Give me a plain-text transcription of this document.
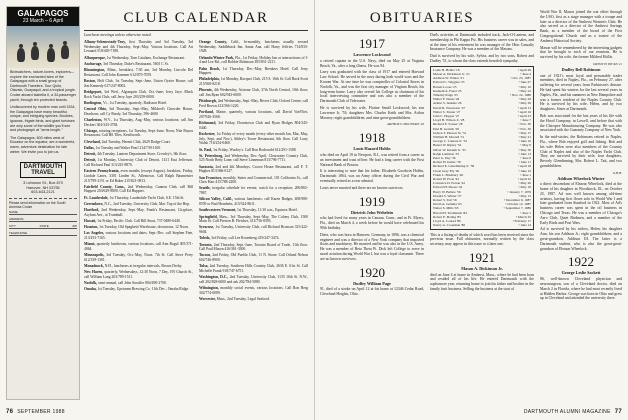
GALAPAGOS
23 March – 6 April

Birdwatchers, nature-lovers, explorers—explore the enchanted isles of the Galapagos with a small group of Dartmouth Travelers. Tour Quito, Otavalo, Guayaquil, and a tropical jungle. Cruise aboard Isabella II, a 34-passenger yacht, through ten protected islands.

Undiscovered by modern man until 1534, the Galapagos have many beautiful, unique, and intriguing species. Boobies, iguanas, frigate birds, and giant tortoises are only some of the wildlife you'll see and photograph at "arms length."

The Galapagos, 600 miles west of Ecuador on the equator, are a wonderful, warm, adventure destination for late winter. We invite you to join us.

DARTMOUTH
TRAVEL
3 Lebanon St., Box 870
Hanover, NH 03755
603-643-2121
Please send information on the South America Cruise
NAME
ADDRESS
CITY	STATE	ZIP
TELEPHONE
CLUB CALENDAR
Luncheon meetings unless otherwise noted.

Albany-Schenectady-Troy, first Thursday and 3rd Tuesday, 3rd Wednesday and 4th Thursday, Sept.-May. Various locations. Call Art Leonard 518/449-7188.

Albuquerque, 1st Wednesday, Tom Catalano, Exchange Restaurant.

Anchorage, 3rd Thursday, Duke's Restaurant, 5601 C St.

Bloomington, Minn., breakfast, 7:30 am, 3rd Monday, Lincoln Del Restaurant. Call John Kammer 612/870-7059.

Boston, Holt Club, 1st Tuesday, Sept.-June, Union Oyster House; call Jim Kennedy 617/247-8002.

Bridgeport, 3rd Wed., Algonquin Club, Oct.-June; Jerry Jaye, Black Rock Yacht Club; call Jerry Jaye 203/259-0000.

Burlington, Vt., 1st Tuesday, quarterly, Radisson Hotel.

Central Ohio, 3rd Thursday, Sept.-May, Mildred's Chowder House, Dearborn; call Cy Burdy, 3rd Thursday, 596-4600.

Charleston, W.V., 1st Thursday, Aug.-May, various locations; call Jim Deckert 304/343-3784.

Chicago, rotating receptions, 1st Tuesday, Sept.-June, Noon, Nite Bayou Restaurant. Call Hil Tiles, Kenilworth.

Cleveland, 2nd Tuesday, Hermit Club, 2629 Dodge Court.

Dallas, 1st Tuesday and Walter Pearl 214/739-1100.

Detroit, 4th Tuesday, Lantern Department Store, Crowley's, 9th floor.

Detroit, 1st Monday, University Club of Detroit, 1411 East Jefferson. Call Richard Paul 313/225-8876.

Eastern Pennsylvania, even months (except August), breakfast, Friday, Lindale Lanes, 3301 Linden St., Allentown. Call Ralph Baumeister 215/799-2151 or Ed Baker 215/821-0813.

Fairfield County, Conn., 2nd Wednesday, Cannon Club, call Bill Huppert 203/629-8800. Call Ed Huppert.

Ft. Lauderdale, 1st Thursday, Lauderdale Yacht Club, S.E. 15th St.

Greensboro, N.C., 2nd Tuesday, University Club, Mar. Top of the Hop.

Hartford, 2nd Wednesday, Sept.-May, Frank's Restaurant, Cityplace, Asylum Ave., at Trumbull.

Hawaii, 1st Friday, Pacific Club. Call Bill Stout, 737-0480-6440.

Houston, 1st Tuesday, Old Spaghetti Warehouse, downtown, 12 Noon.

Los Angeles, various locations and dates, Sept.-Dec. call Stephen Fine, 213/253-7165.

Miami, quarterly luncheons, various locations, call Ann Rogul 305/371-4064.

Minneapolis, 3rd Tuesday, Oct.-May, Noon. 7th St. Call Steve Perry 612/339-1301.

Monadnock, N.H., luncheons at irregular intervals, Brown Derby.

New Haven, quarterly, Wednesdays, 12:30 Noon, 7 Day, 195 Church St., call William Lang 203/789-1511.

Norfolk, semi-annual, call John Stouffer 804/490-2700.

Omaha, 1st Tuesday, Upstream Brewing Co. 11th Dec., Omaha Ridge.

Orange County, Calif., bi-monthly, luncheons usually second Wednesday, Saddleback Inn, Santa Ana, call Harry Jeffries 714/833-1928.

Orlando/Winter Park, Fla., 1st Friday, Holiday Inn at intersections of I-4 and Lee Rd., call Robbie Robinson 305/831-2211.

Palm Beach, 1st Thursday, Dec.-May, Breakers Hotel. Call Jerry Huppert.

Philadelphia, 1st Monday, Racquet Club, 215 S. 16th St. Call Buck Scott 215/568-8218.

Phoenix, 4th Wednesday, Arizona Club, 37th North Central, 10th floor; call Jim Ryan 602/943-6000.

Pittsburgh, 2nd Wednesday, Sept.-May, Rivers Club, Oxford Centre; call Fred Brown 412/566-1220.

Portland, Maine, quarterly, various locations, call David VanVliet, 207/926-3568.

Richmond, 3rd Friday, Downtown Club and Ryan Hodges 804/343-0440.

Rochester, 1st Friday of every month (every other month Jan, Mar, May, July, Sept, and Nov.), Sibley's Tower Restaurant, 6th floor. Call Larry Walsh 716/254-0460.

St. Paul, 1st Friday, Wooley's. Call Ron Rodewald 612/291-1588.

St. Petersburg, 2nd Wednesday, Dec.-April, Clearwater Country Club, 525 North Betty Lane; call Steve Linneman 813/796-7711.

Sarasota, 2nd and 4th Mondays, Crown House Restaurant, call F. T. Hughes 813/366-6127.

San Francisco, monthly, Sutter and Commercial, 101 California St., call Chris Hart 415/788-2200.

Seattle, irregular schedule for events; watch for a reception; 206/865-7867.

Silicon Valley, Calif., various luncheons; call Karen Badger, 408/980-8559 or Bud Hornbein, 415/324-8611.

Southwestern Vermont, 1st Thursday, 11:30 a.m., Equinox Hotel.

Springfield, Mass., 3rd Thursday, Sept.-May, The Colony Club, 1500 Main St. Call Preston B. Fletcher, 413/736-8393.

Syracuse, 1st Tuesday, University Club, call Richard Bronson 315/422-9604.

Toledo, 3rd Friday, call Lee Rosenberg 419/247-3474.

Toronto, 2nd Thursday, Sept.-June, Toronto Board of Trade, 11th floor. Call Paul Mason 416/361-3300.

Tucson, 2nd Friday, Old Pueblo Club, 11 N. Stone. Call Orland Nelson 602/746-8900.

Tulsa, 2nd Tuesday, Southern Hills Country Club, 2636 E. 61st St. Call Michelle Frank 918/747-6751.

Washington, D.C., 2nd Tuesday, University Club, 1135 16th St. N.W., call 202/828-6000 and ask 202/784-5880.

Wilmington, monthly social events, various locations. Call Ron Berg 302/774-0089.

Worcester, Mass., 2nd Tuesday, Legal Seafood.

76 SEPTEMBER 1988
OBITUARIES
1917
Lawrence Lockwood

a retired captain in the U.S. Navy, died on May 25 at Virginia Beach, Va., after a long illness. He was 94.

Larry was graduated with the class of 1917 and entered Harvard Law School. He served in the navy during both world wars and the Korean War. At one time he was comptroller of Colonial Stores in Norfolk, Va., and was the first city manager of Virginia Beach, his long-term home. Larry also served his College as chairman of his local interviewing committee and was also a member of the Dartmouth Club of Tidewater.

He is survived by his wife, Florine Small Lockwood; his son Lawrence Jr. '53; daughters Mrs. Charles Keith and Mrs. Arthur Mooney; eight grandchildren; and nine great-grandchildren.

ARTHUR V. MOUNTAIN '40
1918
Louis Hazard Hobbs

who died on April 19 in Newport, R.I., was retired from a career as an investment and trust officer. He had a long career with the First National Bank of Boston.

It is interesting to note that his father, Elisabeth Goodwin Hobbs, Dartmouth 1864, was an Army officer during the Civil War and eventually retired as a rear admiral.

Louis never married and there are no known survivors.

1919
Dietrich John Wehrlein

who had lived for many years in Canaan, Conn., and in Ft. Myers, Fla., died on March 4, a week before he would have celebrated his 90th birthday.

Dietz, who was born in Hanover, Germany, in 1896, was a chemical engineer and was a director of a New York company that imported floats and machinery. He married and he was also in the U.S. Army. He was a member of Beta Theta Pi. Dick left College to serve in naval aviation during World War I, but was a loyal classmate. There are no known survivors.

1920
Dudley William Page

91, died of a stroke on April 12 at his home at 12346 Cedar Road, Cleveland Heights, Ohio.

Dud's activities at Dartmouth included track, Jack-O-Lantern, and membership in Phi Kappa Psi. His business career was in sales, and at the time of his retirement he was manager of the Ohio Casualty Insurance Company. He was a member of the Masons.

Dud is survived by his wife, Sylvia, and by two sons, Robert and Dudley '51, to whom the class extends heartfelt sympathy.

Louis H. Hobbs '18	• April 26
Mason A. Dickinson Jr. '21	• June 4
Addison W. Winter '21	• Oct. 25, 1987
Edward C. Wiggins '23	• June 27
Barrett Loose '23	• May 10
Kenneth A. Faust '25	• May 22
Timothy Paige '25	• Nov. 22, 1986
Walter F. Nauss '26	• May 29
Arthur S. Jenkins '26	• May 29
David R. Westwater '27	• April 13
Walter S. Turner '27	• April 16
John C. Hopper '27	• April 23
Lloyd B. Wilson Jr. '28	• June 7
Richard E. Souser '28	• Nov. 30
Paul B. Gerrish '29	• Nov. 30
Judson T. Pierson Sr. '31	• May 17
William H. Morrell '31	• May 21
George C. Cannon Jr. '32	• June 10
Hester W. Ripley '34	• May 6
Oliver W. Knauth Jr. '35	• May 30
Ralph Lemmon '35	• June 13
Peter G. Day '36	• June 6
Robert H. Keller '38	• June 11
Richard E. Glendinning Jr. '39	• April 18
Cleon Gray Ely '40	• June 19
Frank L. Bradbury '40	• June 1
Robert H. Frost '42	• April 22
Lawrence D. Ferran '42	• May 20
Edward H. Moses '43	• May 18
Harry W. Ballew '56	• January 7, 1976
Donald S. Winter '57	• May 13
Robert S. Tait '56	• December 9, 1987
David A. Gemma '65	• October 12, 1987
Walter S. Mills '63	• September 7, 1986
Harold H. Tredinnick '84	• June 1
Robert E. Boling '85	• March 25
Lloyd A. Conrad '86	• February 17
Nancy A. Crossman '86	• June 14

This is a listing of deaths of which word has been received since the previous issue. Full obituaries, normally written by the class secretary, may appear in this issue or a later one.

1921
Mason A. Dickinson Jr.

died on June 4 at home in Amherst, Mass., where he had been born and resided all of his life. He entered Dartmouth with the sophomore year, returning home to join his father and brother in the family fruit business. Selling the business at the start of

World War II, Mason joined the war effort through the USO, first as a stage manager with a troupe and later as a director of the Amherst Women's Club. He also served as a director of the Amherst Savings Bank, as a member of the board of the First Congregational Church and as a trustee of the Amherst Historical Society.

Mason will be remembered by the interesting gadgets that he brought to each of our reunions. He is survived by his wife, the former Mildred Hollis.

ORTON H. HICKS '21
Dudley Bell Robinson

one of 1921's most loyal and personable trader members, died in Naples, Fla., on February 27, after suffering for several years from Parkinson's disease. He had spent his winters for the last several years in Naples, Fla., and his summers in New Hampshire and was a former resident of the Naples Country Club. He is survived by his wife, Helen, and by two daughters. Sister at Dartmouth.

Bob was associated for the last years of his life with the Hood Company, in Lowell, and before that with the Chicopee Manufacturing Company. He was also associated with the Guaranty Company of New York.

In the mid-sixties, the Robinsons retired to Naples, Fla., where Bob enjoyed golf and fishing. Bob and his wife Helen were also members of the Country Club of Naples and also of the Naples Yacht Club. They are survived by their wife, four daughters, Beverly Glendinning, Mrs. Robert L. Tait, and two grandchildren.

O.H.H.
Addison Wheelock Winter

a direct descendant of Eleazar Wheelock, died at the home of his daughter in Woodstock, Ill., on October 25, 1987. Ad was well known among old-time aviators, having first flown solo in World War I and later graduated from Stanford in 1922. Most of Ad's business career was spent in the oil business in Chicago and Texas. He was a member of Chicago's Aero Club, Quiet Birdmen, and a member of the Early Birds and Post Wars.

Ad is survived by his widow, Helen; his daughter Ann; his son Addison Jr.; eight grandchildren; and a great-grandson, Addison III. The latter is a Dartmouth student, who is also the great-great-grandson of Eleazar Wheelock.

1922
George Leslie Sackett

86, well-known Cleveland physician and neurosurgeon, son of a Cleveland doctor, died on March 2 in Florida, where he had most recently lived at Hidden Harbor. George was born in Ohio and grew up in Cleveland and attended the university there.

DARTMOUTH ALUMNI MAGAZINE 77
